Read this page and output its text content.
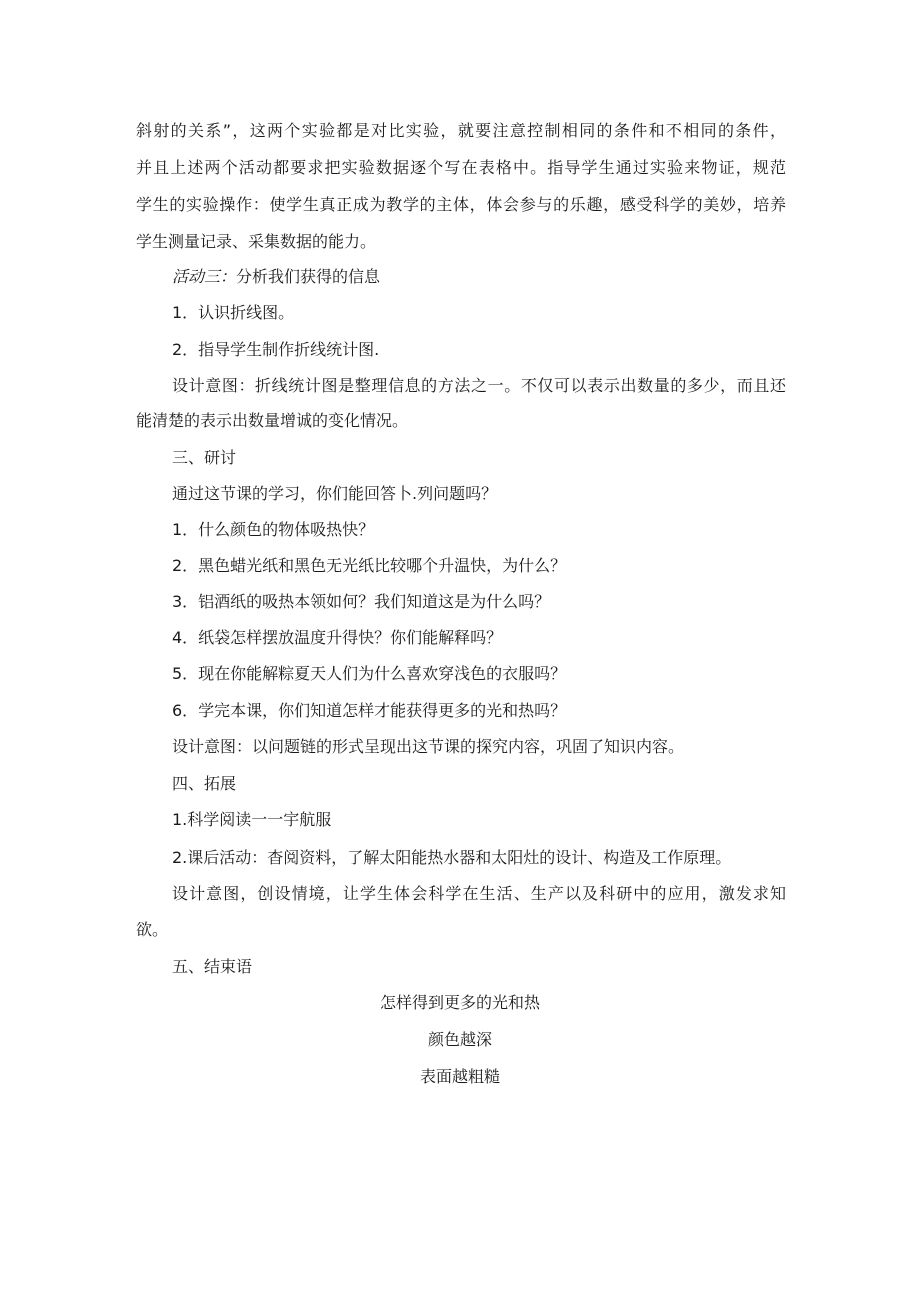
斜射的关系”，这两个实验都是对比实验，就要注意控制相同的条件和不相同的条件，
并且上述两个活动都要求把实验数据逐个写在表格中。指导学生通过实验来物证，规范
学生的实验操作：使学生真正成为教学的主体，体会参与的乐趣，感受科学的美妙，培养
学生测量记录、采集数据的能力。
活动三：分析我们获得的信息
1．认识折线图。
2．指导学生制作折线统计图.
设计意图：折线统计图是整理信息的方法之一。不仅可以表示出数量的多少，而且还
能清楚的表示出数量增诚的变化情况。
三、研讨
通过这节课的学习，你们能回答卜.列问题吗？
1．什么颜色的物体吸热快？
2．黑色蜡光纸和黑色无光纸比较哪个升温快，为什么？
3．铝酒纸的吸热本领如何？我们知道这是为什么吗？
4．纸袋怎样摆放温度升得快？你们能解释吗？
5．现在你能解粽夏天人们为什么喜欢穿浅色的衣服吗？
6．学完本课，你们知道怎样才能获得更多的光和热吗？
设计意图：以问题链的形式呈现出这节课的探究内容，巩固了知识内容。
四、拓展
1.科学阅读一一宇航服
2.课后活动：杳阅资料，了解太阳能热水器和太阳灶的设计、构造及工作原理。
设计意图，创设情境，让学生体会科学在生活、生产以及科研中的应用，激发求知
欲。
五、结束语
怎样得到更多的光和热
颜色越深
表面越粗糙
